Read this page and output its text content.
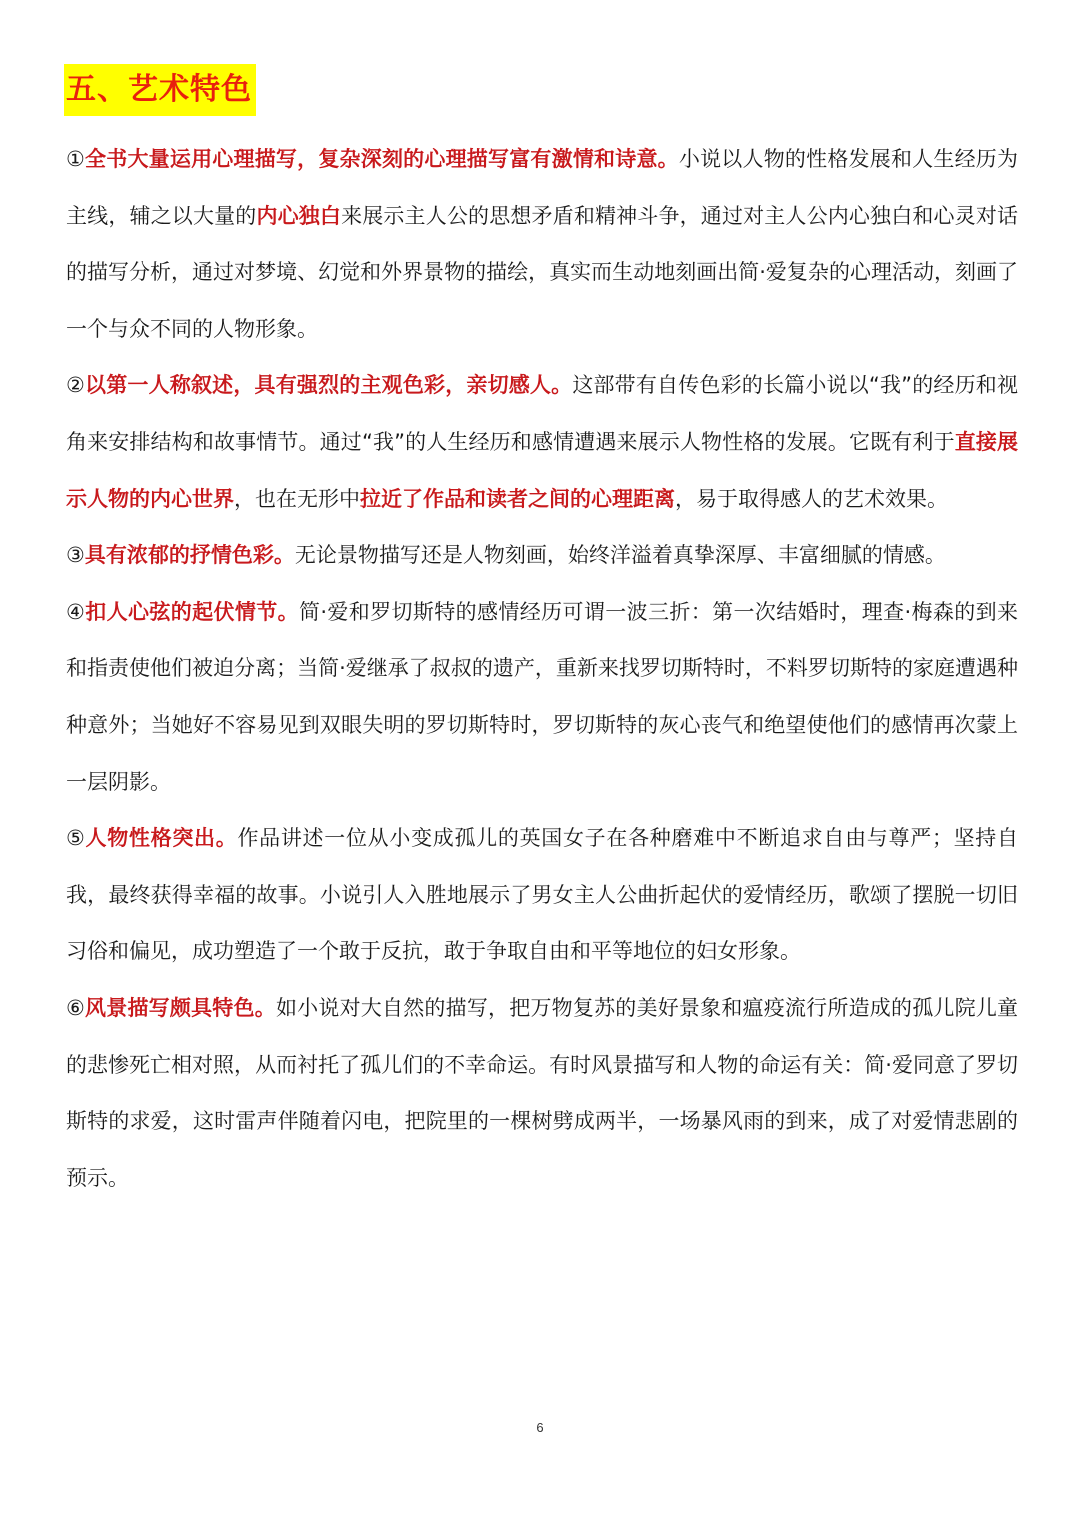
五、艺术特色

①全书大量运用心理描写，复杂深刻的心理描写富有激情和诗意。小说以人物的性格发展和人生经历为主线，辅之以大量的内心独白来展示主人公的思想矛盾和精神斗争，通过对主人公内心独白和心灵对话的描写分析，通过对梦境、幻觉和外界景物的描绘，真实而生动地刻画出简·爱复杂的心理活动，刻画了一个与众不同的人物形象。

②以第一人称叙述，具有强烈的主观色彩，亲切感人。这部带有自传色彩的长篇小说以“我”的经历和视角来安排结构和故事情节。通过“我”的人生经历和感情遭遇来展示人物性格的发展。它既有利于直接展示人物的内心世界，也在无形中拉近了作品和读者之间的心理距离，易于取得感人的艺术效果。

③具有浓郁的抒情色彩。无论景物描写还是人物刻画，始终洋溢着真挚深厚、丰富细腻的情感。

④扣人心弦的起伏情节。简·爱和罗切斯特的感情经历可谓一波三折：第一次结婚时，理查·梅森的到来和指责使他们被迫分离；当简·爱继承了叔叔的遗产，重新来找罗切斯特时，不料罗切斯特的家庭遭遇种种意外；当她好不容易见到双眼失明的罗切斯特时，罗切斯特的灰心丧气和绝望使他们的感情再次蒙上一层阴影。

⑤人物性格突出。作品讲述一位从小变成孤儿的英国女子在各种磨难中不断追求自由与尊严；坚持自我，最终获得幸福的故事。小说引人入胜地展示了男女主人公曲折起伏的爱情经历，歌颂了摆脱一切旧习俗和偏见，成功塑造了一个敢于反抗，敢于争取自由和平等地位的妇女形象。

⑥风景描写颇具特色。如小说对大自然的描写，把万物复苏的美好景象和瘟疫流行所造成的孤儿院儿童的悲惨死亡相对照，从而衬托了孤儿们的不幸命运。有时风景描写和人物的命运有关：简·爱同意了罗切斯特的求爱，这时雷声伴随着闪电，把院里的一棵树劈成两半，一场暴风雨的到来，成了对爱情悲剧的预示。

6
